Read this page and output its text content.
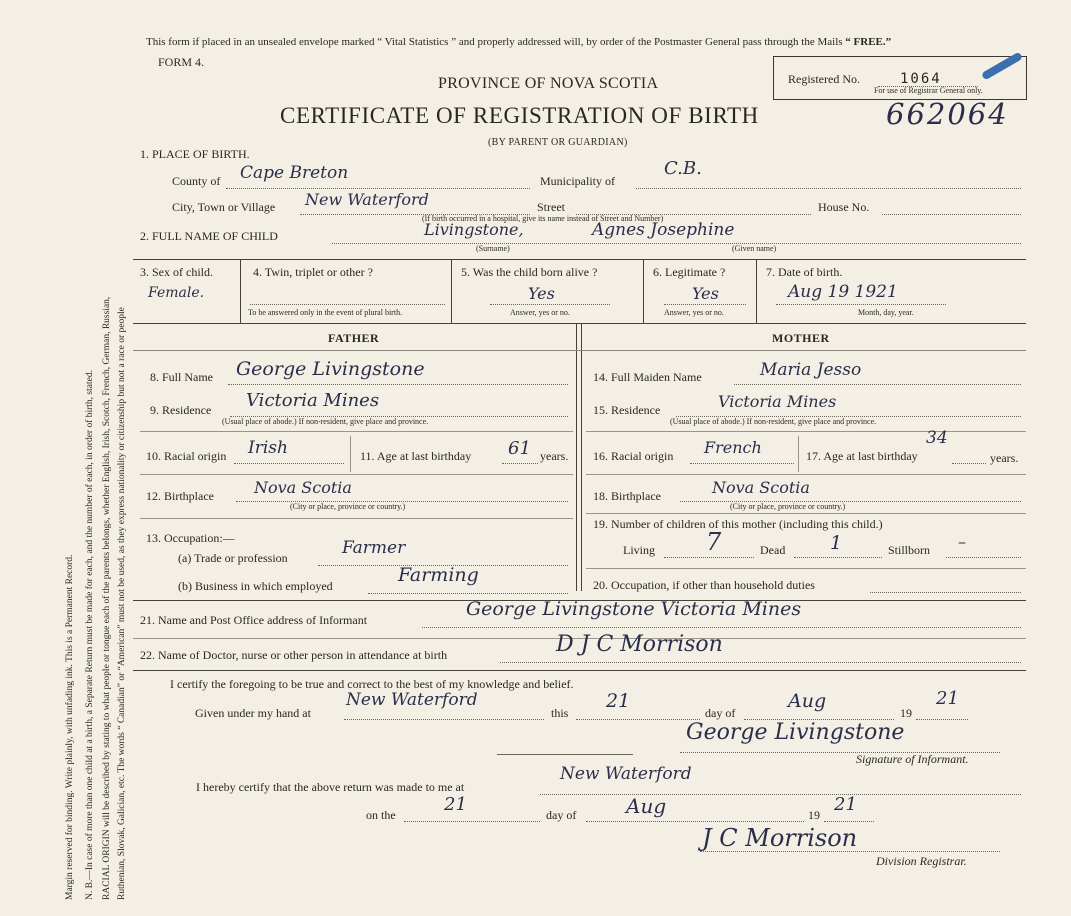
Margin reserved for binding. Write plainly, with unfading ink. This is a Permanent Record. N. B.—In case of more than one child at a birth, a Separate Return must be made for each, and the number of each, in order of birth, stated. RACIAL ORIGIN will be described by stating to what people or tongue each of the parents belongs, whether English, Irish, Scotch, French, German, Russian, Ruthenian, Slovak, Galician, etc. The words “ Canadian” or “American” must not be used, as they express nationality or citizenship but not a race or people
This form if placed in an unsealed envelope marked “ Vital Statistics ” and properly addressed will, by order of the Postmaster General pass through the Mails “ FREE.”
FORM 4.
PROVINCE OF NOVA SCOTIA
CERTIFICATE OF REGISTRATION OF BIRTH	662064
(BY PARENT OR GUARDIAN)
Registered No.	1064
For use of Registrar General only.
1. PLACE OF BIRTH.
County of Cape Breton	Municipality of
C.B.
City, Town or Village New Waterford	Street	House No.
(If birth occurred in a hospital, give its name instead of Street and Number)
2. FULL NAME OF CHILD	Livingstone,	Agnes Josephine
(Surname)	(Given name)
3. Sex of child.
Female.
4. Twin, triplet or other ?
To be answered only in the event of plural birth.
5. Was the child born alive ?
Yes
Answer, yes or no.
6. Legitimate ?
Yes
Answer, yes or no.
7. Date of birth.
Aug 19 1921
Month, day, year.
FATHER	MOTHER
8. Full Name George Livingstone
9. Residence Victoria Mines
(Usual place of abode.) If non-resident, give place and province.
10. Racial origin Irish	11. Age at last birthday 61 years.
12. Birthplace	Nova Scotia
(City or place, province or country.)
13. Occupation:—
(a) Trade or profession	Farmer
(b) Business in which employed	Farming
14. Full Maiden Name	Maria Jesso
15. Residence	Victoria Mines
(Usual place of abode.) If non-resident, give place and province.
16. Racial origin French	17. Age at last birthday
34
years.
18. Birthplace	Nova Scotia
(City or place, province or country.)
19. Number of children of this mother (including this child.)
Living 7	Dead 1	Stillborn –
20. Occupation, if other than household duties
21. Name and Post Office address of Informant	George Livingstone Victoria Mines
22. Name of Doctor, nurse or other person in attendance at birth	D J C Morrison
I certify the foregoing to be true and correct to the best of my knowledge and belief.
Given under my hand at
New Waterford
this
21
day of
Aug
19
21
George Livingstone
Signature of Informant.
I hereby certify that the above return was made to me at
New Waterford
on the	21	day of Aug	19 21
J C Morrison
Division Registrar.
